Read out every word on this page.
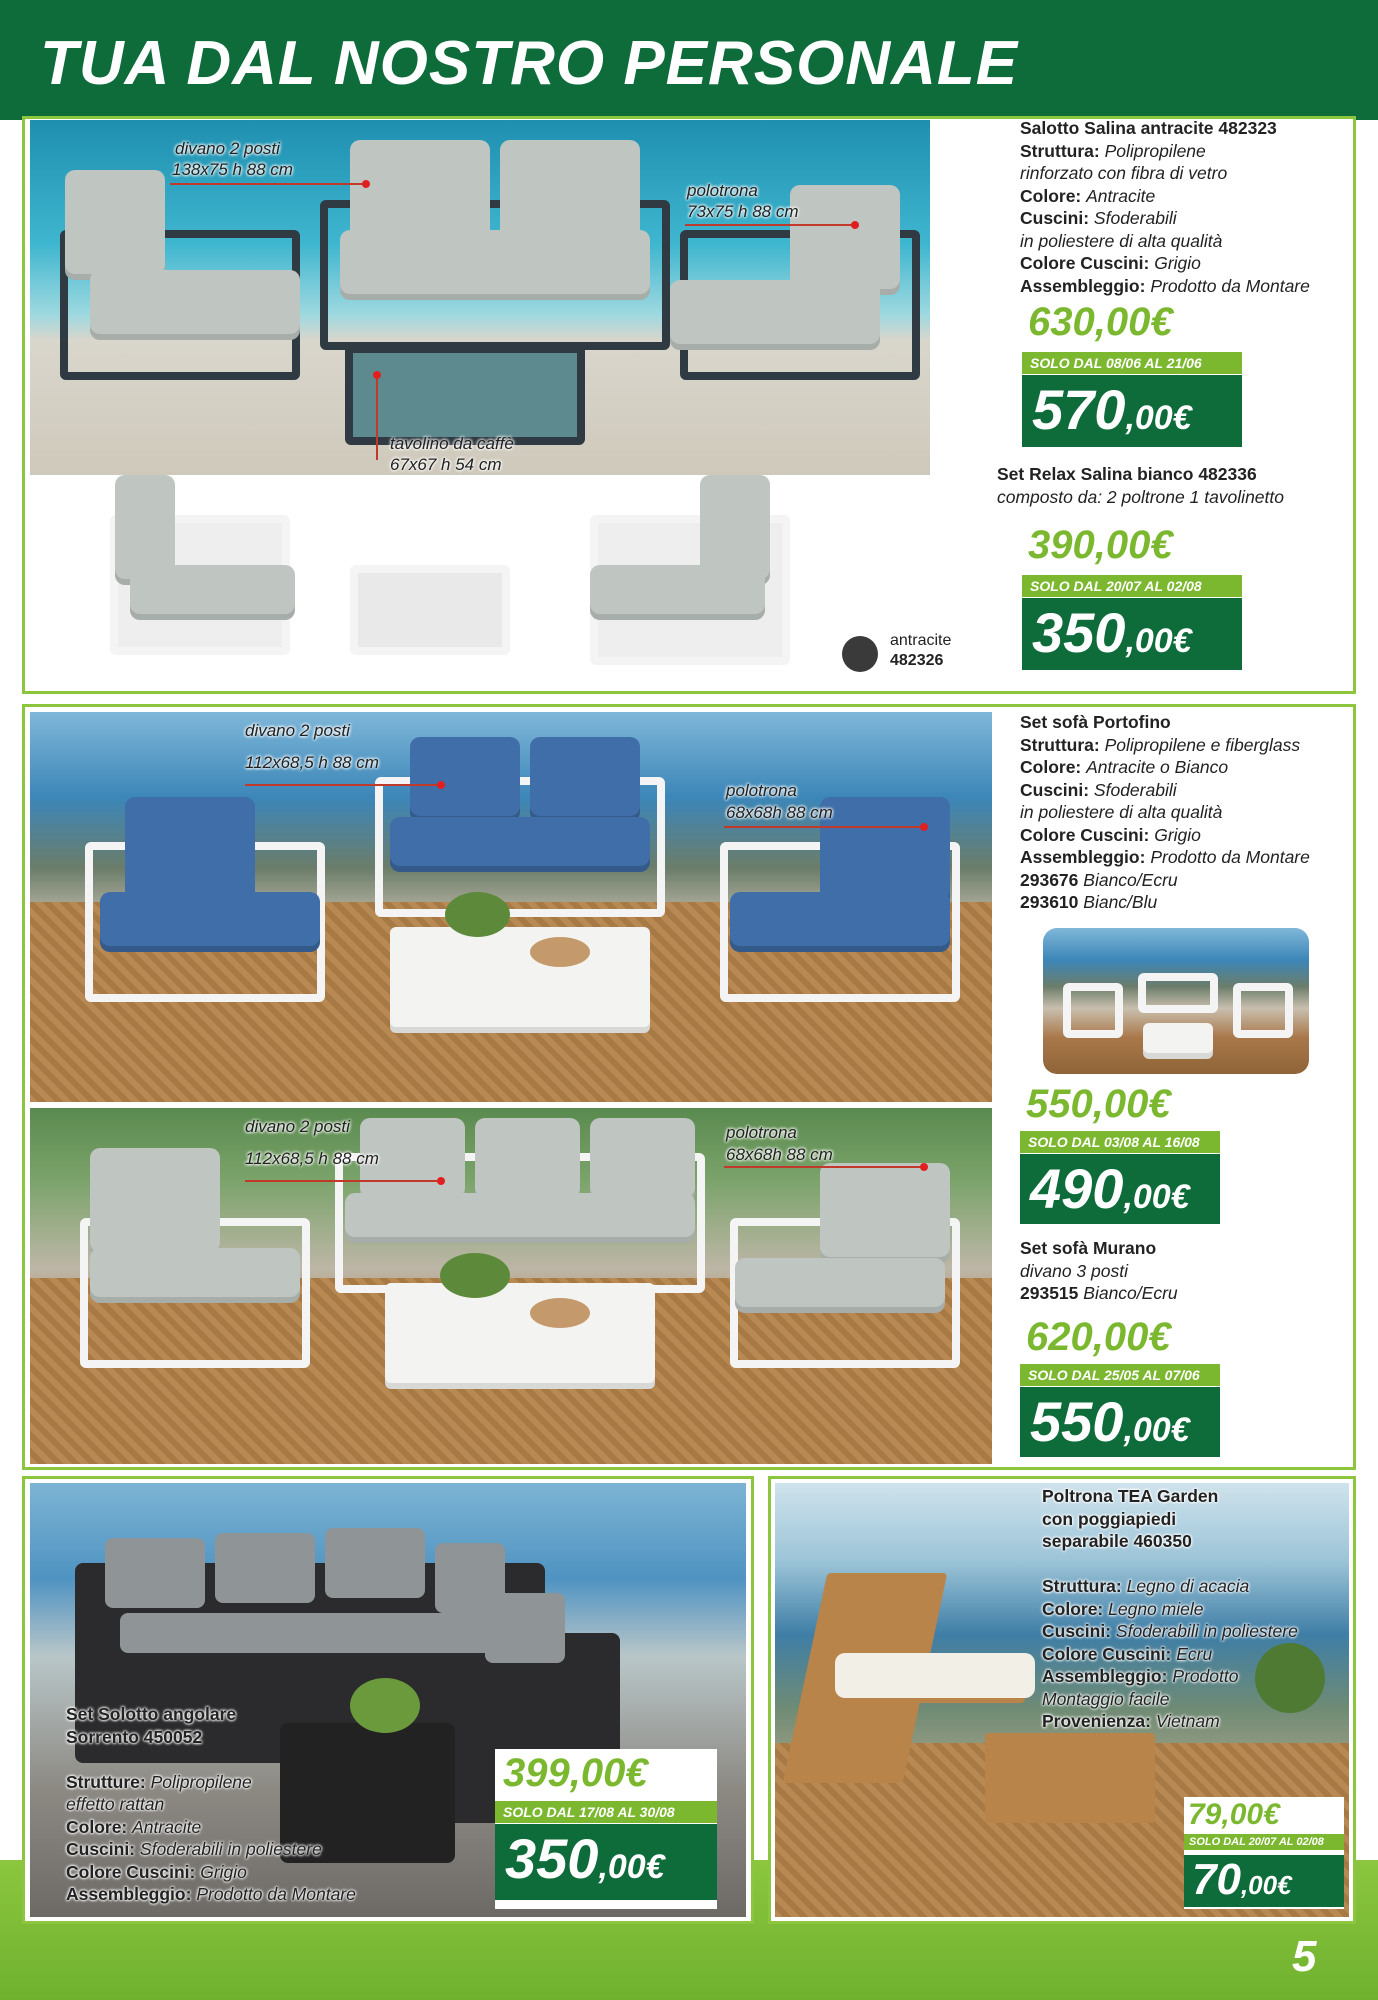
TUA DAL NOSTRO PERSONALE
5
divano 2 posti
138x75 h 88 cm
polotrona
73x75 h 88 cm
tavolino da caffè
67x67 h 54 cm
Salotto Salina antracite 482323
Struttura: Polipropilene
rinforzato con fibra di vetro
Colore: Antracite
Cuscini: Sfoderabili
in poliestere di alta qualità
Colore Cuscini: Grigio
Assembleggio: Prodotto da Montare
630,00€
SOLO DAL 08/06 AL 21/06
570,00€
Set Relax Salina bianco 482336
composto da: 2 poltrone 1 tavolinetto
390,00€
SOLO DAL 20/07 AL 02/08
350,00€
antracite
482326
divano 2 posti
112x68,5 h 88 cm
polotrona
68x68h 88 cm
divano 2 posti
112x68,5 h 88 cm
polotrona
68x68h 88 cm
Set sofà Portofino
Struttura: Polipropilene e fiberglass
Colore: Antracite o Bianco
Cuscini: Sfoderabili
in poliestere di alta qualità
Colore Cuscini: Grigio
Assembleggio: Prodotto da Montare
293676 Bianco/Ecru
293610 Bianc/Blu
550,00€
SOLO DAL 03/08 AL 16/08
490,00€
Set sofà Murano
divano 3 posti
293515 Bianco/Ecru
620,00€
SOLO DAL 25/05 AL 07/06
550,00€
Set Solotto angolare
Sorrento 450052

Strutture: Polipropilene
effetto rattan
Colore: Antracite
Cuscini: Sfoderabili in poliestere
Colore Cuscini: Grigio
Assembleggio: Prodotto da Montare
399,00€
SOLO DAL 17/08 AL 30/08
350,00€
Poltrona TEA Garden
con poggiapiedi
separabile 460350

Struttura: Legno di acacia
Colore: Legno miele
Cuscini: Sfoderabili in poliestere
Colore Cuscini: Ecru
Assembleggio: Prodotto
Montaggio facile
Provenienza: Vietnam
79,00€
SOLO DAL 20/07 AL 02/08
70,00€
